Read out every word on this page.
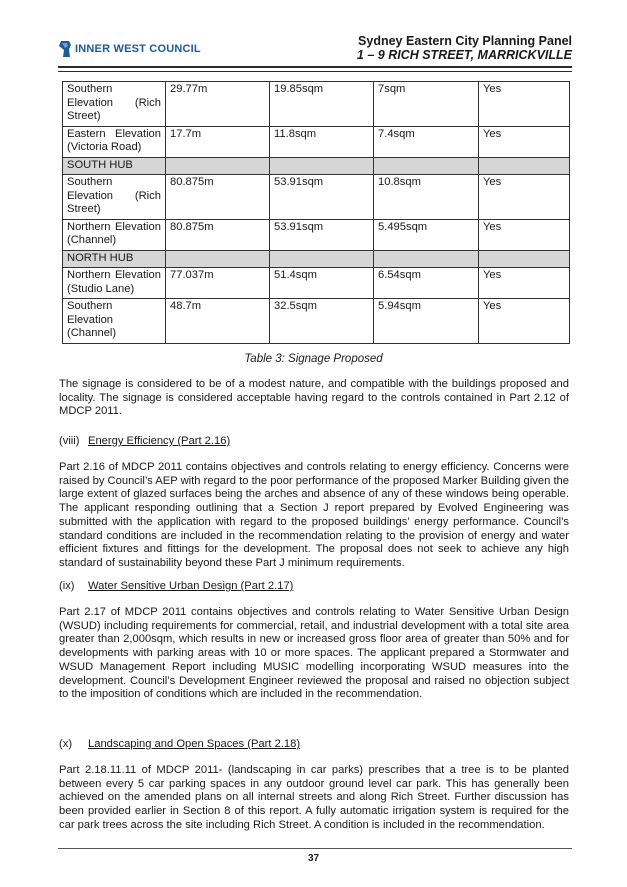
INNER WEST COUNCIL
Sydney Eastern City Planning Panel
1 – 9 RICH STREET, MARRICKVILLE
Southern Elevation (Rich Street)	29.77m	19.85sqm	7sqm	Yes

Eastern Elevation (Victoria Road)	17.7m	11.8sqm	7.4sqm	Yes
SOUTH HUB				

Southern Elevation (Rich Street)	80.875m	53.91sqm	10.8sqm	Yes

Northern Elevation (Channel)	80.875m	53.91sqm	5.495sqm	Yes
NORTH HUB				

Northern Elevation (Studio Lane)	77.037m	51.4sqm	6.54sqm	Yes

Southern Elevation (Channel)	48.7m	32.5sqm	5.94sqm	Yes
Table 3: Signage Proposed
The signage is considered to be of a modest nature, and compatible with the buildings proposed and locality. The signage is considered acceptable having regard to the controls contained in Part 2.12 of MDCP 2011.
(viii) Energy Efficiency (Part 2.16)
Part 2.16 of MDCP 2011 contains objectives and controls relating to energy efficiency. Concerns were raised by Council’s AEP with regard to the poor performance of the proposed Marker Building given the large extent of glazed surfaces being the arches and absence of any of these windows being operable. The applicant responding outlining that a Section J report prepared by Evolved Engineering was submitted with the application with regard to the proposed buildings’ energy performance. Council’s standard conditions are included in the recommendation relating to the provision of energy and water efficient fixtures and fittings for the development. The proposal does not seek to achieve any high standard of sustainability beyond these Part J minimum requirements.
(ix) Water Sensitive Urban Design (Part 2.17)
Part 2.17 of MDCP 2011 contains objectives and controls relating to Water Sensitive Urban Design (WSUD) including requirements for commercial, retail, and industrial development with a total site area greater than 2,000sqm, which results in new or increased gross floor area of greater than 50% and for developments with parking areas with 10 or more spaces. The applicant prepared a Stormwater and WSUD Management Report including MUSIC modelling incorporating WSUD measures into the development. Council’s Development Engineer reviewed the proposal and raised no objection subject to the imposition of conditions which are included in the recommendation.
(x) Landscaping and Open Spaces (Part 2.18)
Part 2.18.11.11 of MDCP 2011- (landscaping in car parks) prescribes that a tree is to be planted between every 5 car parking spaces in any outdoor ground level car park. This has generally been achieved on the amended plans on all internal streets and along Rich Street. Further discussion has been provided earlier in Section 8 of this report. A fully automatic irrigation system is required for the car park trees across the site including Rich Street. A condition is included in the recommendation.
37
